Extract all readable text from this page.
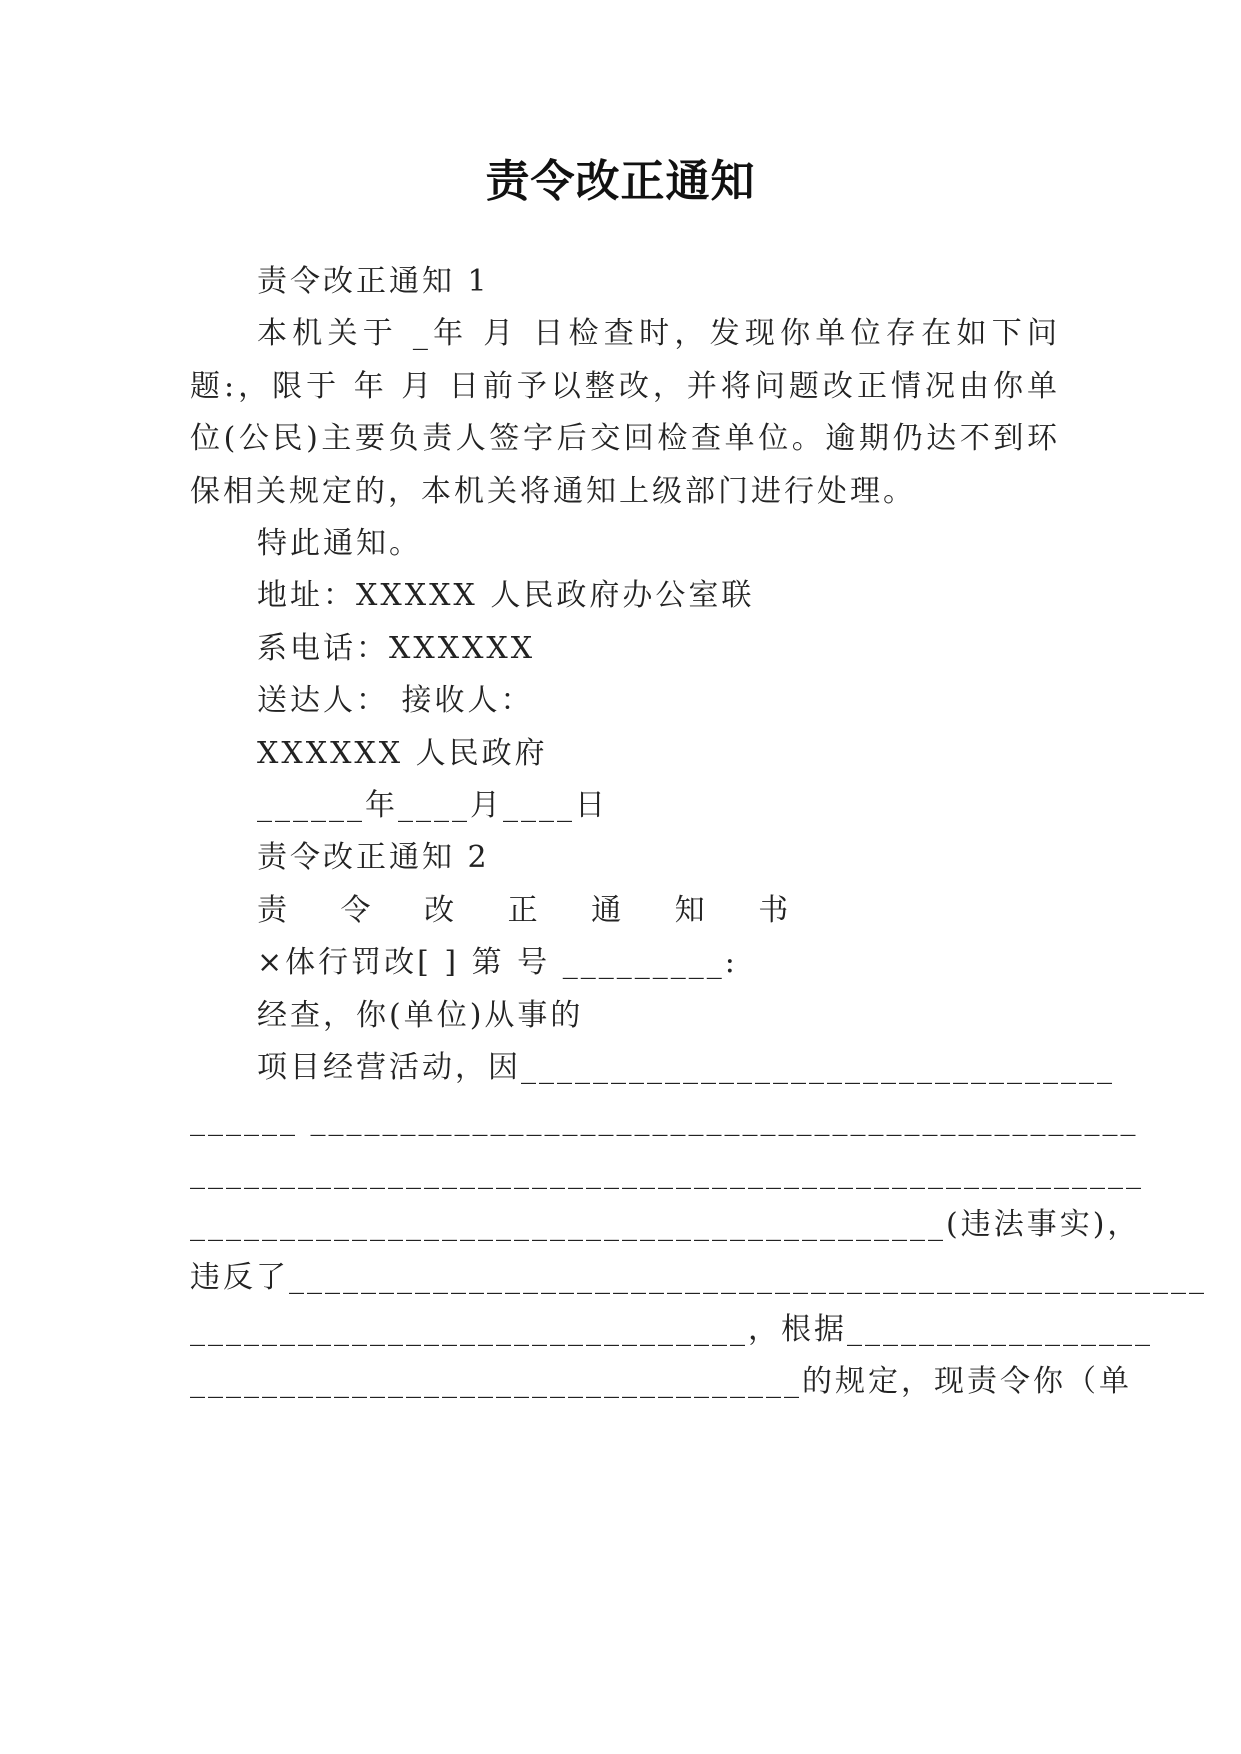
责令改正通知
责令改正通知 1
本机关于 _年 月 日检查时，发现你单位存在如下问
题:，限于 年 月 日前予以整改，并将问题改正情况由你单
位(公民)主要负责人签字后交回检查单位。逾期仍达不到环
保相关规定的，本机关将通知上级部门进行处理。
特此通知。
地址：XXXXX 人民政府办公室联
系电话：XXXXXX
送达人： 接收人：
XXXXXX 人民政府
______年____月____日
责令改正通知 2
责 令 改 正 通 知 书
×体行罚改[ ] 第 号 _________:
经查，你(单位)从事的
项目经营活动，因_________________________________
______ ______________________________________________
_____________________________________________________
__________________________________________(违法事实)，
违反了___________________________________________________
_______________________________，根据_________________
__________________________________的规定，现责令你（单
